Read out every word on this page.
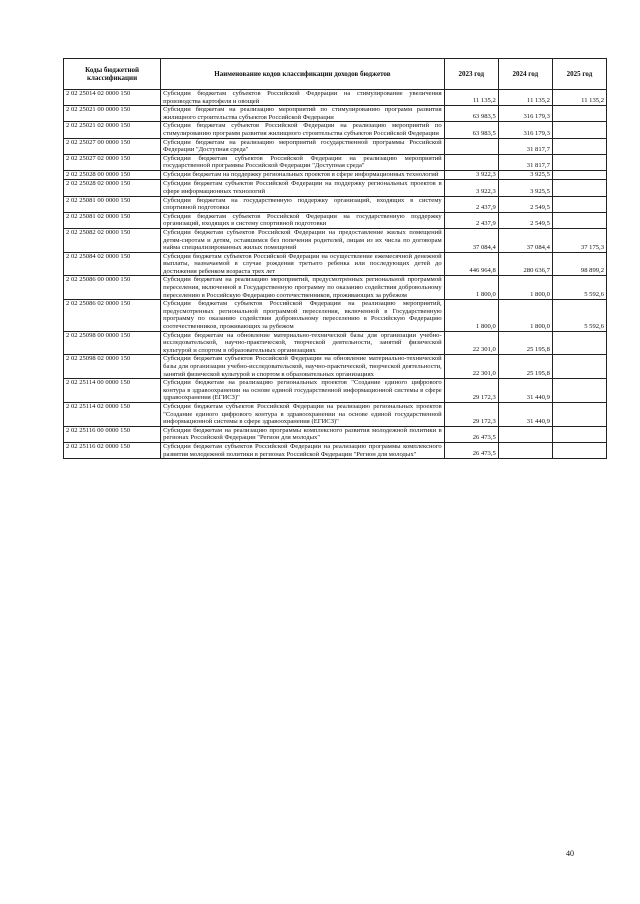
Коды бюджетной классификации	Наименование кодов классификации доходов бюджетов	2023 год	2024 год	2025 год
2 02 25014 02 0000 150	Субсидии бюджетам субъектов Российской Федерации на стимулирование увеличения производства картофеля и овощей	11 135,2	11 135,2	11 135,2
2 02 25021 00 0000 150	Субсидии бюджетам на реализацию мероприятий по стимулированию программ развития жилищного строительства субъектов Российской Федерации	63 983,5	316 179,3	
2 02 25021 02 0000 150	Субсидии бюджетам субъектов Российской Федерации на реализацию мероприятий по стимулированию программ развития жилищного строительства субъектов Российской Федерации	63 983,5	316 179,3	
2 02 25027 00 0000 150	Субсидии бюджетам на реализацию мероприятий государственной программы Российской Федерации "Доступная среда"		31 817,7	
2 02 25027 02 0000 150	Субсидии бюджетам субъектов Российской Федерации на реализацию мероприятий государственной программы Российской Федерации "Доступная среда"		31 817,7	
2 02 25028 00 0000 150	Субсидии бюджетам на поддержку региональных проектов в сфере информационных технологий	3 922,3	3 925,5	
2 02 25028 02 0000 150	Субсидии бюджетам субъектов Российской Федерации на поддержку региональных проектов в сфере информационных технологий	3 922,3	3 925,5	
2 02 25081 00 0000 150	Субсидии бюджетам на государственную поддержку организаций, входящих в систему спортивной подготовки	2 437,9	2 549,5	
2 02 25081 02 0000 150	Субсидии бюджетам субъектов Российской Федерации на государственную поддержку организаций, входящих в систему спортивной подготовки	2 437,9	2 549,5	
2 02 25082 02 0000 150	Субсидии бюджетам субъектов Российской Федерации на предоставление жилых помещений детям-сиротам и детям, оставшимся без попечения родителей, лицам из их числа по договорам найма специализированных жилых помещений	37 084,4	37 084,4	37 175,3
2 02 25084 02 0000 150	Субсидии бюджетам субъектов Российской Федерации на осуществление ежемесячной денежной выплаты, назначаемой в случае рождения третьего ребенка или последующих детей до достижения ребенком возраста трех лет	446 964,8	280 636,7	98 899,2
2 02 25086 00 0000 150	Субсидии бюджетам на реализацию мероприятий, предусмотренных региональной программой переселения, включенной в Государственную программу по оказанию содействия добровольному переселению в Российскую Федерацию соотечественников, проживающих за рубежом	1 800,0	1 800,0	5 592,6
2 02 25086 02 0000 150	Субсидии бюджетам субъектов Российской Федерации на реализацию мероприятий, предусмотренных региональной программой переселения, включенной в Государственную программу по оказанию содействия добровольному переселению в Российскую Федерацию соотечественников, проживающих за рубежом	1 800,0	1 800,0	5 592,6
2 02 25098 00 0000 150	Субсидии бюджетам на обновление материально-технической базы для организации учебно-исследовательской, научно-практической, творческой деятельности, занятий физической культурой и спортом в образовательных организациях	22 301,0	25 195,8	
2 02 25098 02 0000 150	Субсидии бюджетам субъектов Российской Федерации на обновление материально-технической базы для организации учебно-исследовательской, научно-практической, творческой деятельности, занятий физической культурой и спортом в образовательных организациях	22 301,0	25 195,8	
2 02 25114 00 0000 150	Субсидии бюджетам на реализацию региональных проектов "Создание единого цифрового контура в здравоохранении на основе единой государственной информационной системы в сфере здравоохранения (ЕГИСЗ)"	29 172,3	31 440,9	
2 02 25114 02 0000 150	Субсидии бюджетам субъектов Российской Федерации на реализацию региональных проектов "Создание единого цифрового контура в здравоохранении на основе единой государственной информационной системы в сфере здравоохранения (ЕГИСЗ)"	29 172,3	31 440,9	
2 02 25116 00 0000 150	Субсидии бюджетам на реализацию программы комплексного развития молодежной политики в регионах Российской Федерации "Регион для молодых"	26 473,5		
2 02 25116 02 0000 150	Субсидии бюджетам субъектов Российской Федерации на реализацию программы комплексного развития молодежной политики в регионах Российской Федерации "Регион для молодых"	26 473,5		
40
